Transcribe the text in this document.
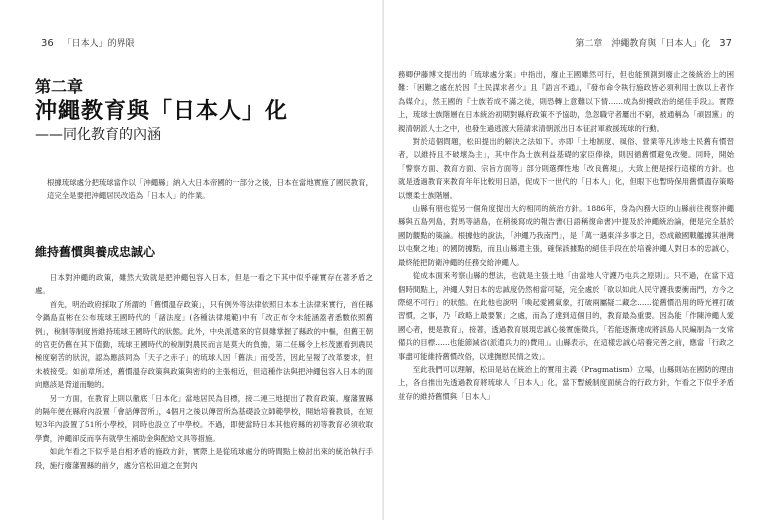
36 「日本人」的界限
第二章
沖繩教育與「日本人」化
——同化教育的內涵

根據琉球處分把琉球當作以「沖繩縣」納入大日本帝國的一部分之後，日本在當地實施了國民教育，這完全是要把沖繩居民改造為「日本人」的作業。

維持舊慣與養成忠誠心

日本對沖繩的政策，雖然大致就是把沖繩包容入日本，但是一看之下其中似乎確實存在著矛盾之處。

首先，明治政府採取了所謂的「舊慣溫存政策」，只有例外等法律依照日本本土法律來實行，首任縣令鍋島直彬在公布琉球王國時代的「諸法度」(各種法律規範)中有「改正布令未能涵蓋者悉數依照舊例」，稅制等制度皆維持琉球王國時代的狀態。此外，中央派遣來的官員雖掌握了縣政的中樞，但舊王朝的官吏仍舊在其下值勤，琉球王國時代的稅制對農民而言是莫大的負擔，第二任縣令上杉茂憲看到農民極度窮苦的狀況，認為應該同為「天子之赤子」的琉球人因「舊法」而受苦，因此呈報了改革要求，但未被接受。如前章所述，舊慣溫存政策與政策與密約的主張相近，但這種作法與把沖繩包容入日本的面向應該是背道而馳的。

另一方面，在教育上則以徹底「日本化」當地居民為目標，接二連三地提出了教育政策。廢藩置縣的隔年便在縣府內設置「會話傳習所」，4個月之後以傳習所為基礎設立師範學校，開始培養教員，在短短3年內設置了51所小學校，同時也設立了中學校。不過，即便當時日本其他府縣的初等教育必須收取學費，沖繩卻反而享有就學生補助金與配給文具等措施。

如此乍看之下似乎是自相矛盾的施政方針，實際上是從琉球處分的時間點上檢討出來的統治執行手段，施行廢藩置縣的前夕，處分官松田道之在對內

第二章　沖繩教育與「日本人」化 37

務卿伊藤博文提出的「琉球處分案」中指出，廢止王國雖然可行，但也能預測到廢止之後統治上的困難：「困難之處在於因『土民謀求者少』且『語言不通』，『發布命令執行施政皆必須利用士族以上者作為媒介』，然王國的『士族若成不滿之徒，則恐轉上意難以下情……成為紛擾政治的絕佳手段』。實際上，琉球士族階層在日本統治初期對縣府政策不予協助，急忽職守者屢出不窮，被通稱為「頑固黨」的親清朝派人士之中，也發生過逃渡大陸請求清朝派出日本征討軍救援琉球的行動。

對於這個問題，松田提出的解決之法如下。亦即「土地制度、風俗、營業等凡涉地士民舊有慣習者，以維持且不破壞為主」，其中作為士族利益基礎的家臣俸祿，則因循舊慣避免改變。同時，開始「警察方面、教育方面、宗旨方面等」部分則選擇性地「改良舊規」，大致上便是採行這樣的方針。也就是透過教育來教育年年比較用日語，促成下一世代的「日本人」化，但眼下也暫時保用舊慣溫存策略以懷柔士族階層。

山縣有朋也從另一個角度提出大約相同的統治方針。1886年，身為內務大臣的山縣前往視察沖繩縣與五島列島，對馬等諸島，在稍後寫成的報告書(日語稱復命書)中提及於沖繩統治論，便是完全基於國防觀點的策論。根據他的說法，「沖繩乃我南門」，是「萬一遇東洋多事之日，恐成敵國戰艦據其港灣以屯聚之地」的國防據點，而且山縣還主張，確保該據點的絕佳手段在於培養沖繩人對日本的忠誠心，最終能把防衛沖繩的任務交給沖繩人。

從成本面來考察山縣的想法，也就是主張土地「由當地人守護乃屯兵之原則」。只不過，在當下這個時間點上，沖繩人對日本的忠誠度仍然相當可疑，完全處於「欲以如此人民守護我要衝南門，方今之際絕不可行」的狀態。在此他也說明「喚起愛國氣象，打破兩屬疑二藏念……從舊慣沿用的時光裡打破習慣，之事，乃「政略上最要緊」之處，而為了達到這個目的，教育最為重要。因為能「作陳沖繩人愛國心者，便是教育」，接著，透過教育展現忠誠心後實施徵兵，「若能逐漸達成將該島人民編制為一支常備兵的目標……也能節減省(派遣兵力的)費用」。山縣表示，在這樣忠誠心培養完善之前，應當「行政之事盡可能維持舊慣改俗，以達撫慰民情之效」。

至此我們可以理解，松田是站在統治上的實用主義（Pragmatism）立場，山縣則站在國防的理由上，各自推出先透過教育將琉球人「日本人」化，當下暫緩制度面統合的行政方針，乍看之下似乎矛盾並存的維持舊慣與「日本人」
